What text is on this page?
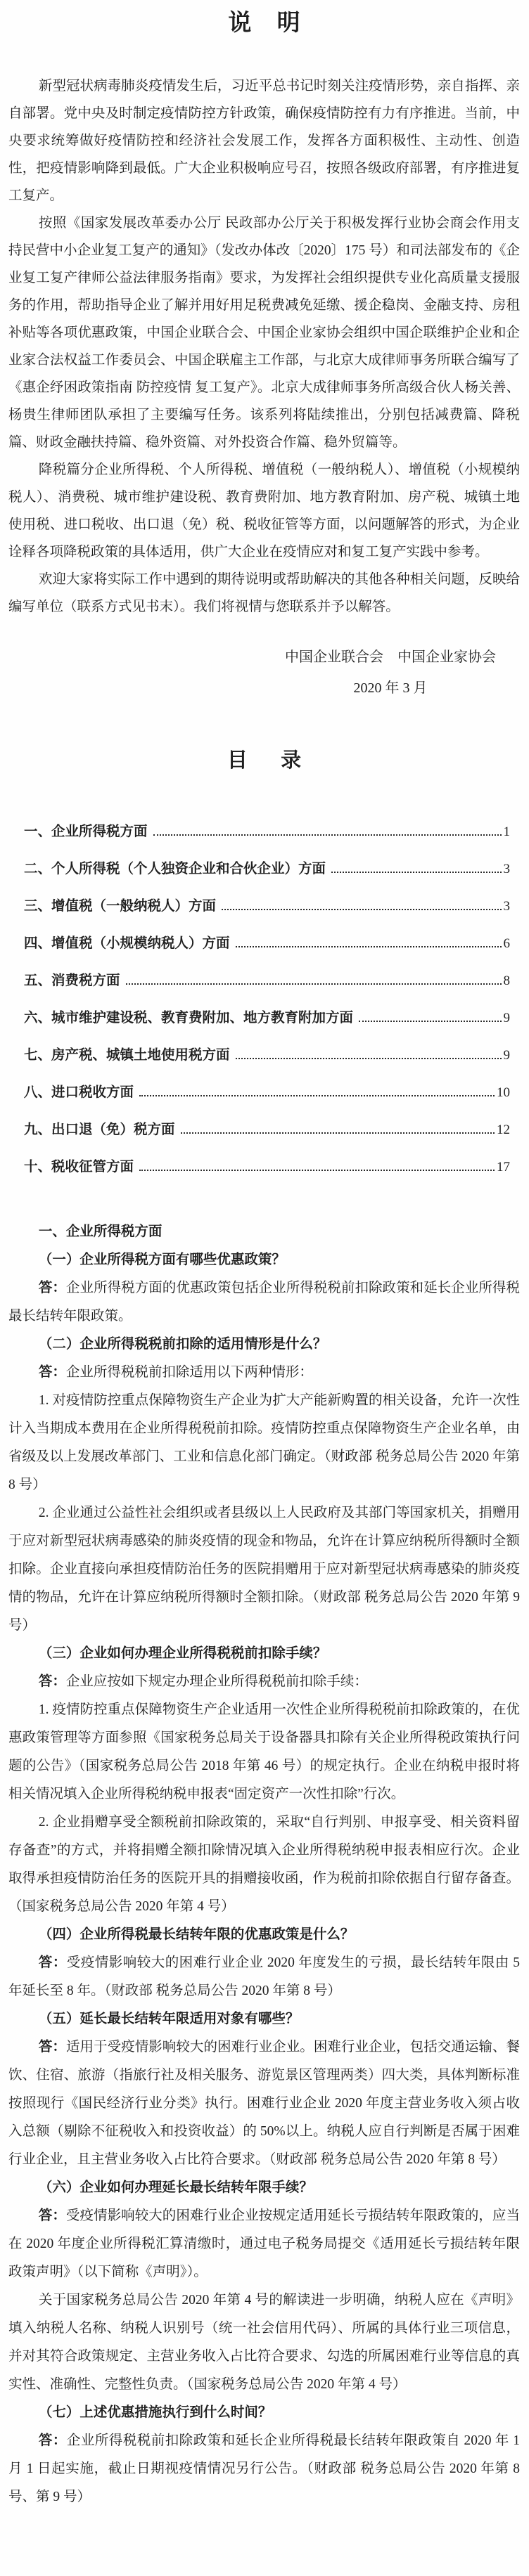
说 明

新型冠状病毒肺炎疫情发生后，习近平总书记时刻关注疫情形势，亲自指挥、亲自部署。党中央及时制定疫情防控方针政策，确保疫情防控有力有序推进。当前，中央要求统筹做好疫情防控和经济社会发展工作，发挥各方面积极性、主动性、创造性，把疫情影响降到最低。广大企业积极响应号召，按照各级政府部署，有序推进复工复产。

按照《国家发展改革委办公厅 民政部办公厅关于积极发挥行业协会商会作用支持民营中小企业复工复产的通知》（发改办体改〔2020〕175 号）和司法部发布的《企业复工复产律师公益法律服务指南》要求，为发挥社会组织提供专业化高质量支援服务的作用，帮助指导企业了解并用好用足税费减免延缴、援企稳岗、金融支持、房租补贴等各项优惠政策，中国企业联合会、中国企业家协会组织中国企联维护企业和企业家合法权益工作委员会、中国企联雇主工作部，与北京大成律师事务所联合编写了《惠企纾困政策指南 防控疫情 复工复产》。北京大成律师事务所高级合伙人杨关善、杨贵生律师团队承担了主要编写任务。该系列将陆续推出，分别包括减费篇、降税篇、财政金融扶持篇、稳外资篇、对外投资合作篇、稳外贸篇等。

降税篇分企业所得税、个人所得税、增值税（一般纳税人）、增值税（小规模纳税人）、消费税、城市维护建设税、教育费附加、地方教育附加、房产税、城镇土地使用税、进口税收、出口退（免）税、税收征管等方面，以问题解答的形式，为企业诠释各项降税政策的具体适用，供广大企业在疫情应对和复工复产实践中参考。

欢迎大家将实际工作中遇到的期待说明或帮助解决的其他各种相关问题，反映给编写单位（联系方式见书末）。我们将视情与您联系并予以解答。

中国企业联合会　中国企业家协会
2020 年 3 月
目 录
一、企业所得税方面	1
二、个人所得税（个人独资企业和合伙企业）方面	3
三、增值税（一般纳税人）方面	3
四、增值税（小规模纳税人）方面	6
五、消费税方面	8
六、城市维护建设税、教育费附加、地方教育附加方面	9
七、房产税、城镇土地使用税方面	9
八、进口税收方面	10
九、出口退（免）税方面	12
十、税收征管方面	17

一、企业所得税方面

（一）企业所得税方面有哪些优惠政策？

答：企业所得税方面的优惠政策包括企业所得税税前扣除政策和延长企业所得税最长结转年限政策。

（二）企业所得税税前扣除的适用情形是什么？

答：企业所得税税前扣除适用以下两种情形：

1. 对疫情防控重点保障物资生产企业为扩大产能新购置的相关设备，允许一次性计入当期成本费用在企业所得税税前扣除。疫情防控重点保障物资生产企业名单，由省级及以上发展改革部门、工业和信息化部门确定。（财政部 税务总局公告 2020 年第 8 号）

2. 企业通过公益性社会组织或者县级以上人民政府及其部门等国家机关，捐赠用于应对新型冠状病毒感染的肺炎疫情的现金和物品，允许在计算应纳税所得额时全额扣除。企业直接向承担疫情防治任务的医院捐赠用于应对新型冠状病毒感染的肺炎疫情的物品，允许在计算应纳税所得额时全额扣除。（财政部 税务总局公告 2020 年第 9 号）

（三）企业如何办理企业所得税税前扣除手续？

答：企业应按如下规定办理企业所得税税前扣除手续：

1. 疫情防控重点保障物资生产企业适用一次性企业所得税税前扣除政策的，在优惠政策管理等方面参照《国家税务总局关于设备器具扣除有关企业所得税政策执行问题的公告》（国家税务总局公告 2018 年第 46 号）的规定执行。企业在纳税申报时将相关情况填入企业所得税纳税申报表“固定资产一次性扣除”行次。

2. 企业捐赠享受全额税前扣除政策的，采取“自行判别、申报享受、相关资料留存备查”的方式，并将捐赠全额扣除情况填入企业所得税纳税申报表相应行次。企业取得承担疫情防治任务的医院开具的捐赠接收函，作为税前扣除依据自行留存备查。（国家税务总局公告 2020 年第 4 号）

（四）企业所得税最长结转年限的优惠政策是什么？

答：受疫情影响较大的困难行业企业 2020 年度发生的亏损，最长结转年限由 5 年延长至 8 年。（财政部 税务总局公告 2020 年第 8 号）

（五）延长最长结转年限适用对象有哪些？

答：适用于受疫情影响较大的困难行业企业。困难行业企业，包括交通运输、餐饮、住宿、旅游（指旅行社及相关服务、游览景区管理两类）四大类，具体判断标准按照现行《国民经济行业分类》执行。困难行业企业 2020 年度主营业务收入须占收入总额（剔除不征税收入和投资收益）的 50%以上。纳税人应自行判断是否属于困难行业企业，且主营业务收入占比符合要求。（财政部 税务总局公告 2020 年第 8 号）

（六）企业如何办理延长最长结转年限手续？

答：受疫情影响较大的困难行业企业按规定适用延长亏损结转年限政策的，应当在 2020 年度企业所得税汇算清缴时，通过电子税务局提交《适用延长亏损结转年限政策声明》（以下简称《声明》）。

关于国家税务总局公告 2020 年第 4 号的解读进一步明确，纳税人应在《声明》填入纳税人名称、纳税人识别号（统一社会信用代码）、所属的具体行业三项信息，并对其符合政策规定、主营业务收入占比符合要求、勾选的所属困难行业等信息的真实性、准确性、完整性负责。（国家税务总局公告 2020 年第 4 号）

（七）上述优惠措施执行到什么时间？

答：企业所得税税前扣除政策和延长企业所得税最长结转年限政策自 2020 年 1 月 1 日起实施，截止日期视疫情情况另行公告。（财政部 税务总局公告 2020 年第 8 号、第 9 号）
